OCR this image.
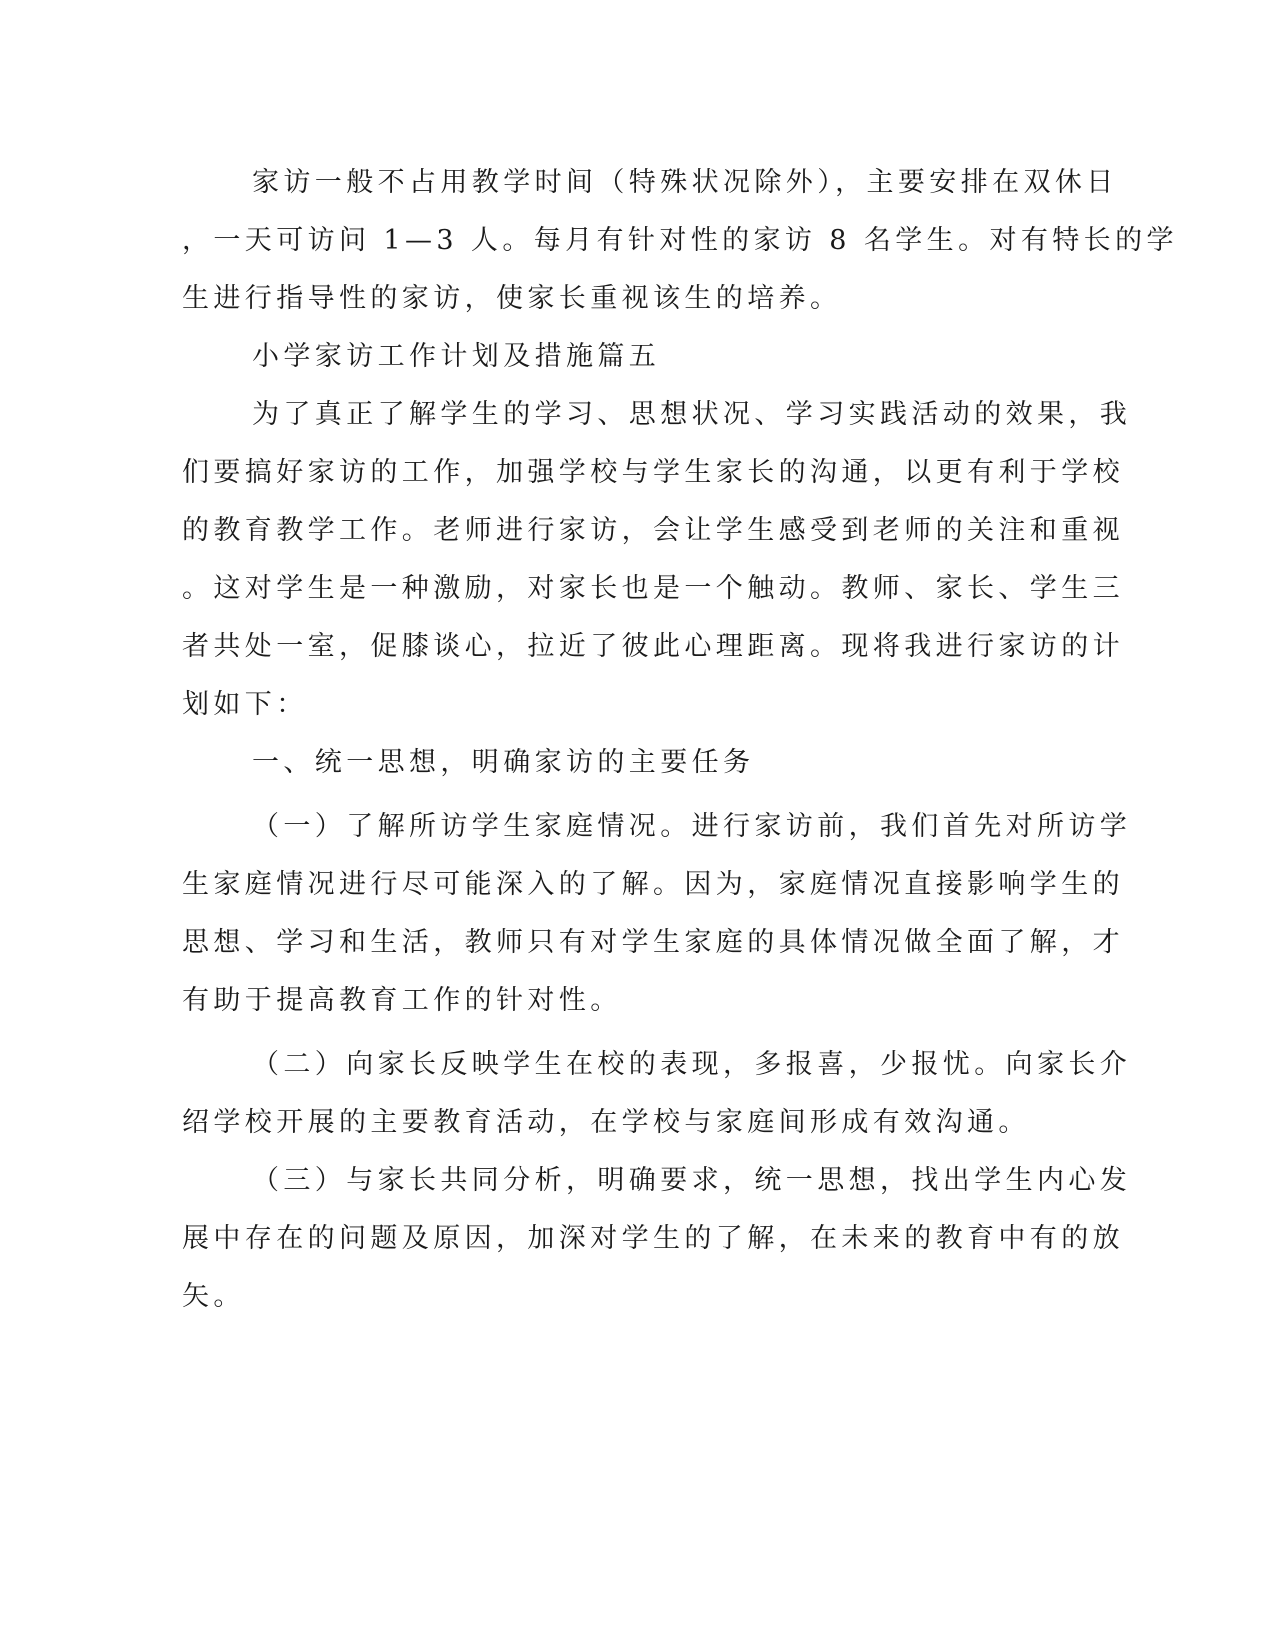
家访一般不占用教学时间（特殊状况除外），主要安排在双休日
，一天可访问 1—3 人。每月有针对性的家访 8 名学生。对有特长的学
生进行指导性的家访，使家长重视该生的培养。
小学家访工作计划及措施篇五
为了真正了解学生的学习、思想状况、学习实践活动的效果，我
们要搞好家访的工作，加强学校与学生家长的沟通，以更有利于学校
的教育教学工作。老师进行家访，会让学生感受到老师的关注和重视
。这对学生是一种激励，对家长也是一个触动。教师、家长、学生三
者共处一室，促膝谈心，拉近了彼此心理距离。现将我进行家访的计
划如下：
一、统一思想，明确家访的主要任务
（一）了解所访学生家庭情况。进行家访前，我们首先对所访学
生家庭情况进行尽可能深入的了解。因为，家庭情况直接影响学生的
思想、学习和生活，教师只有对学生家庭的具体情况做全面了解，才
有助于提高教育工作的针对性。
（二）向家长反映学生在校的表现，多报喜，少报忧。向家长介
绍学校开展的主要教育活动，在学校与家庭间形成有效沟通。
（三）与家长共同分析，明确要求，统一思想，找出学生内心发
展中存在的问题及原因，加深对学生的了解，在未来的教育中有的放
矢。
